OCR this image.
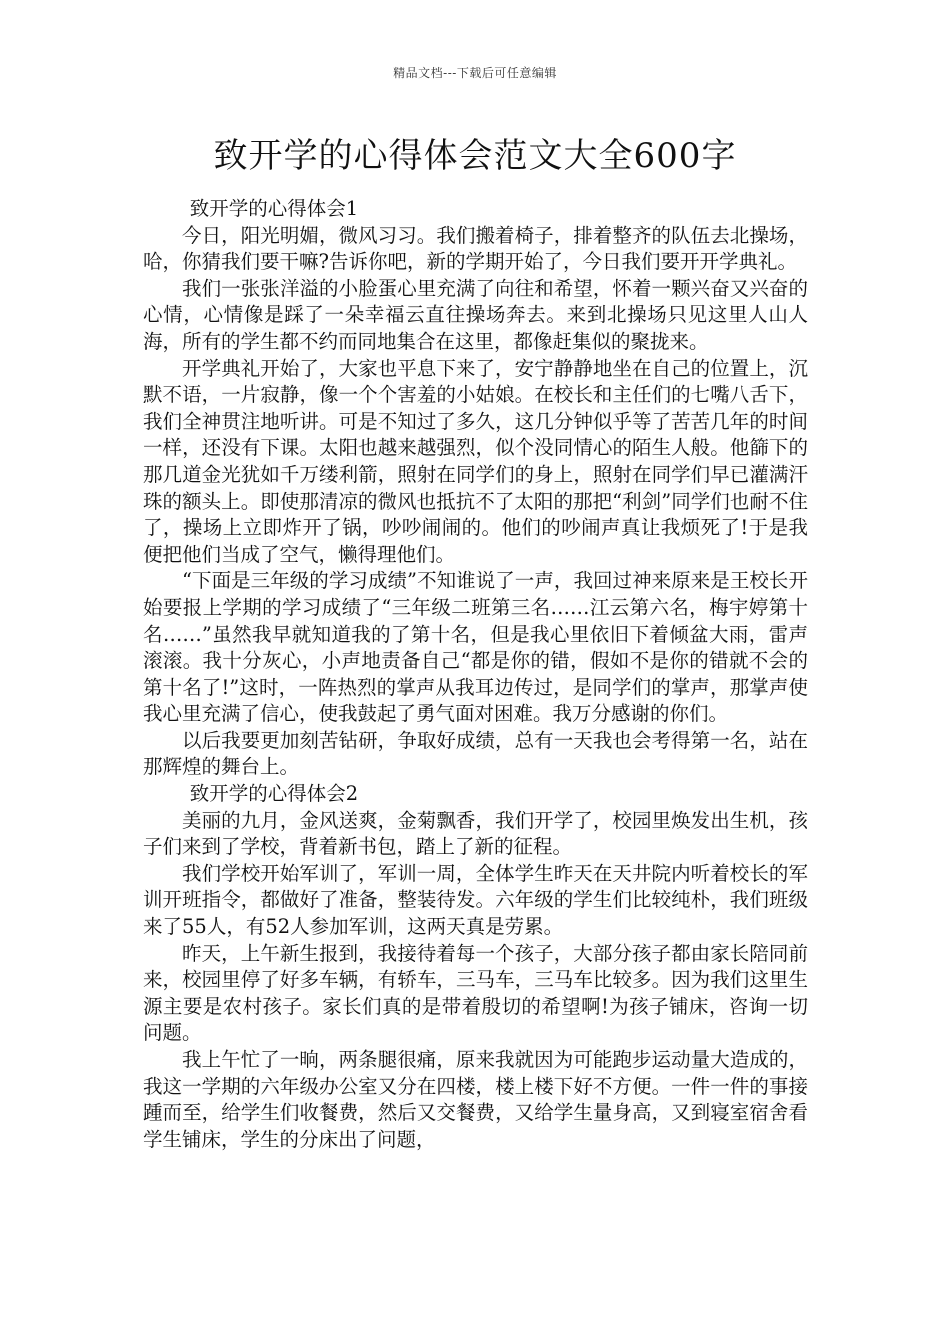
精品文档---下载后可任意编辑
致开学的心得体会范文大全600字

致开学的心得体会1

今日，阳光明媚，微风习习。我们搬着椅子，排着整齐的队伍去北操场，哈，你猜我们要干嘛?告诉你吧，新的学期开始了，今日我们要开开学典礼。

我们一张张洋溢的小脸蛋心里充满了向往和希望，怀着一颗兴奋又兴奋的心情，心情像是踩了一朵幸福云直往操场奔去。来到北操场只见这里人山人海，所有的学生都不约而同地集合在这里，都像赶集似的聚拢来。

开学典礼开始了，大家也平息下来了，安宁静静地坐在自己的位置上，沉默不语，一片寂静，像一个个害羞的小姑娘。在校长和主任们的七嘴八舌下，我们全神贯注地听讲。可是不知过了多久，这几分钟似乎等了苦苦几年的时间一样，还没有下课。太阳也越来越强烈，似个没同情心的陌生人般。他篩下的那几道金光犹如千万缕利箭，照射在同学们的身上，照射在同学们早已灌满汗珠的额头上。即使那清凉的微风也抵抗不了太阳的那把“利剑”同学们也耐不住了，操场上立即炸开了锅，吵吵闹闹的。他们的吵闹声真让我烦死了!于是我便把他们当成了空气，懒得理他们。

“下面是三年级的学习成绩”不知谁说了一声，我回过神来原来是王校长开始要报上学期的学习成绩了“三年级二班第三名……江云第六名，梅宇婷第十名……”虽然我早就知道我的了第十名，但是我心里依旧下着倾盆大雨，雷声滚滚。我十分灰心，小声地责备自己“都是你的错，假如不是你的错就不会的第十名了!”这时，一阵热烈的掌声从我耳边传过，是同学们的掌声，那掌声使我心里充满了信心，使我鼓起了勇气面对困难。我万分感谢的你们。

以后我要更加刻苦钻研，争取好成绩，总有一天我也会考得第一名，站在那辉煌的舞台上。

致开学的心得体会2

美丽的九月，金风送爽，金菊飘香，我们开学了，校园里焕发出生机，孩子们来到了学校，背着新书包，踏上了新的征程。

我们学校开始军训了，军训一周，全体学生昨天在天井院内听着校长的军训开班指令，都做好了准备，整装待发。六年级的学生们比较纯朴，我们班级来了55人，有52人参加军训，这两天真是劳累。

昨天，上午新生报到，我接待着每一个孩子，大部分孩子都由家长陪同前来，校园里停了好多车辆，有轿车，三马车，三马车比较多。因为我们这里生源主要是农村孩子。家长们真的是带着殷切的希望啊!为孩子铺床，咨询一切问题。

我上午忙了一晌，两条腿很痛，原来我就因为可能跑步运动量大造成的，我这一学期的六年级办公室又分在四楼，楼上楼下好不方便。一件一件的事接踵而至，给学生们收餐费，然后又交餐费，又给学生量身高，又到寝室宿舍看学生铺床，学生的分床出了问题，
